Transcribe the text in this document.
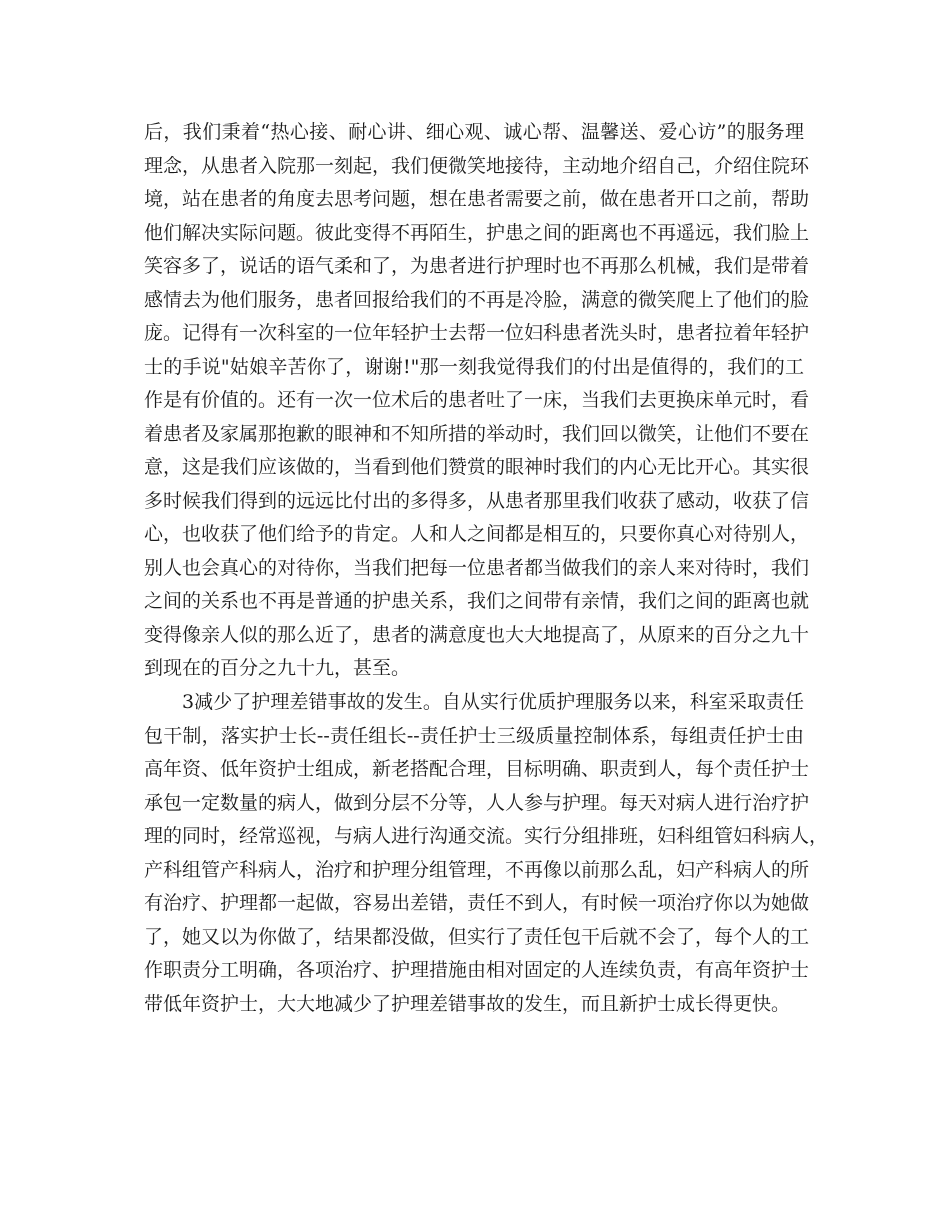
后，我们秉着“热心接、耐心讲、细心观、诚心帮、温馨送、爱心访”的服务理
理念，从患者入院那一刻起，我们便微笑地接待，主动地介绍自己，介绍住院环
境，站在患者的角度去思考问题，想在患者需要之前，做在患者开口之前，帮助
他们解决实际问题。彼此变得不再陌生，护患之间的距离也不再遥远，我们脸上
笑容多了，说话的语气柔和了，为患者进行护理时也不再那么机械，我们是带着
感情去为他们服务，患者回报给我们的不再是冷脸，满意的微笑爬上了他们的脸
庞。记得有一次科室的一位年轻护士去帮一位妇科患者洗头时，患者拉着年轻护
士的手说"姑娘辛苦你了，谢谢!"那一刻我觉得我们的付出是值得的，我们的工
作是有价值的。还有一次一位术后的患者吐了一床，当我们去更换床单元时，看
着患者及家属那抱歉的眼神和不知所措的举动时，我们回以微笑，让他们不要在
意，这是我们应该做的，当看到他们赞赏的眼神时我们的内心无比开心。其实很
多时候我们得到的远远比付出的多得多，从患者那里我们收获了感动，收获了信
心，也收获了他们给予的肯定。人和人之间都是相互的，只要你真心对待别人，
别人也会真心的对待你，当我们把每一位患者都当做我们的亲人来对待时，我们
之间的关系也不再是普通的护患关系，我们之间带有亲情，我们之间的距离也就
变得像亲人似的那么近了，患者的满意度也大大地提高了，从原来的百分之九十
到现在的百分之九十九，甚至。
3减少了护理差错事故的发生。自从实行优质护理服务以来，科室采取责任
包干制，落实护士长--责任组长--责任护士三级质量控制体系，每组责任护士由
高年资、低年资护士组成，新老搭配合理，目标明确、职责到人，每个责任护士
承包一定数量的病人，做到分层不分等，人人参与护理。每天对病人进行治疗护
理的同时，经常巡视，与病人进行沟通交流。实行分组排班，妇科组管妇科病人，
产科组管产科病人，治疗和护理分组管理，不再像以前那么乱，妇产科病人的所
有治疗、护理都一起做，容易出差错，责任不到人，有时候一项治疗你以为她做
了，她又以为你做了，结果都没做，但实行了责任包干后就不会了，每个人的工
作职责分工明确，各项治疗、护理措施由相对固定的人连续负责，有高年资护士
带低年资护士，大大地减少了护理差错事故的发生，而且新护士成长得更快。
